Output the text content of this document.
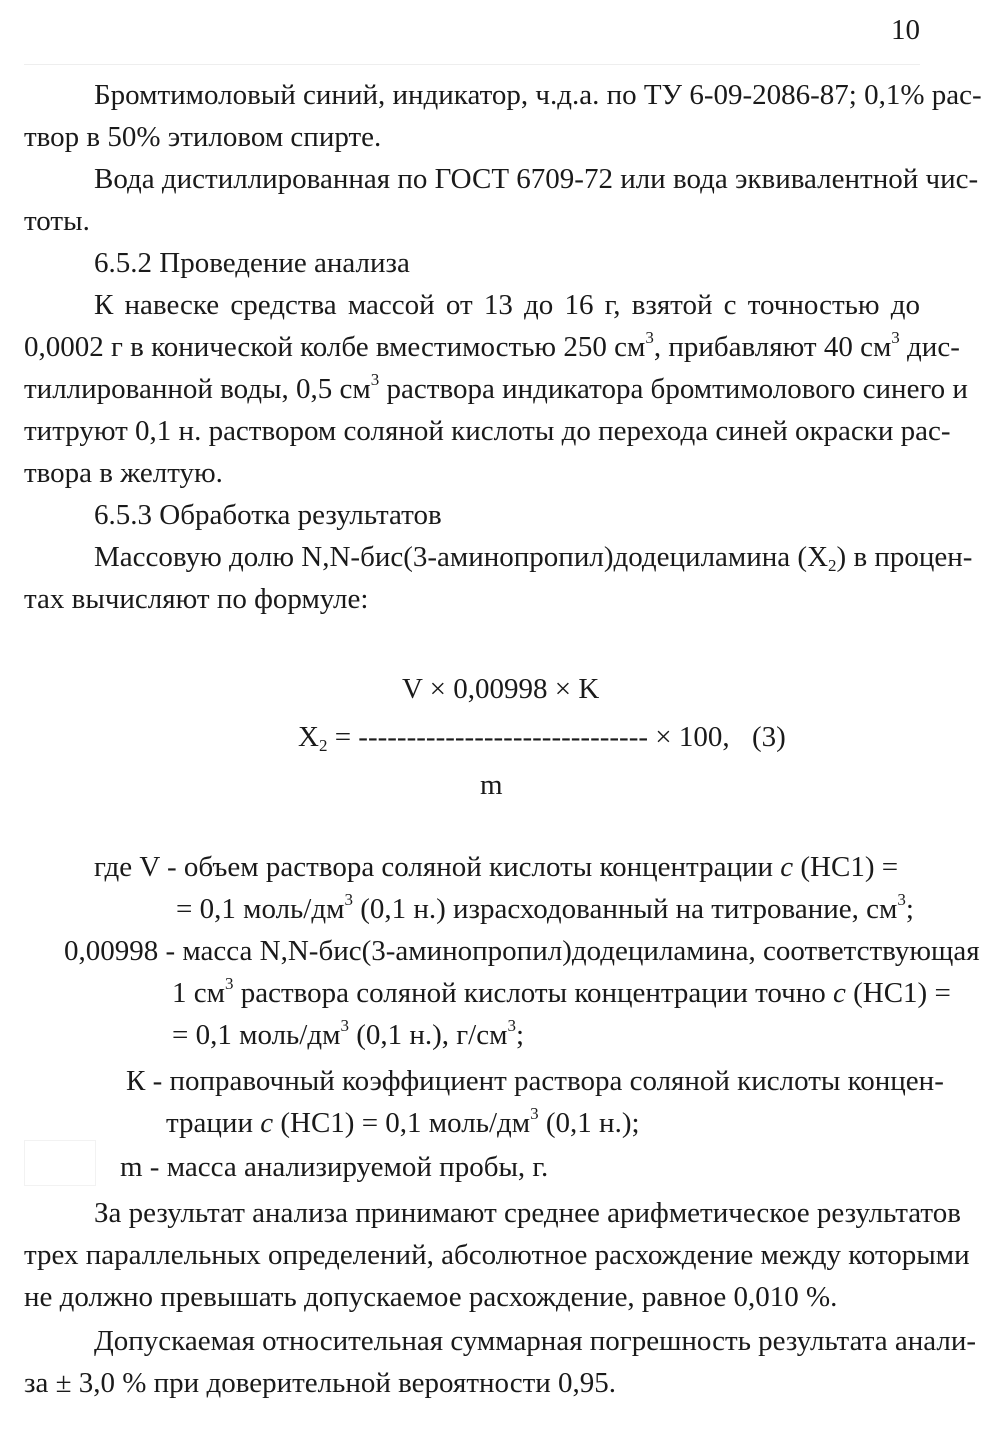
10
Бромтимоловый синий, индикатор, ч.д.а. по ТУ 6-09-2086-87; 0,1% рас-
твор в 50% этиловом спирте.
Вода дистиллированная по ГОСТ 6709-72 или вода эквивалентной чис-
тоты.
6.5.2 Проведение анализа
К навеске средства массой от 13 до 16 г, взятой с точностью до
0,0002 г в конической колбе вместимостью 250 $см^3$, прибавляют 40 $см^3$ дис-
тиллированной воды, 0,5 $см^3$ раствора индикатора бромтимолового синего и
титруют 0,1 н. раствором соляной кислоты до перехода синей окраски рас-
твора в желтую.
6.5.3 Обработка результатов
Массовую долю N,N-бис(3-аминопропил)додециламина $(X_2)$ в процен-
тах вычисляют по формуле:
V × 0,00998 × K
$X_2$ = ------------------------------ × 100, (3)
m
где V - объем раствора соляной кислоты концентрации c (HC1) =
= 0,1 моль/$дм^3$ (0,1 н.) израсходованный на титрование, $см^3$;
0,00998 - масса N,N-бис(3-аминопропил)додециламина, соответствующая
1 $см^3$ раствора соляной кислоты концентрации точно c (HC1) =
= 0,1 моль/$дм^3$ (0,1 н.), $г/см^3$;
К - поправочный коэффициент раствора соляной кислоты концен-
трации c (HC1) = 0,1 моль/$дм^3$ (0,1 н.);
m - масса анализируемой пробы, г.
За результат анализа принимают среднее арифметическое результатов
трех параллельных определений, абсолютное расхождение между которыми
не должно превышать допускаемое расхождение, равное 0,010 %.
Допускаемая относительная суммарная погрешность результата анали-
за ± 3,0 % при доверительной вероятности 0,95.
